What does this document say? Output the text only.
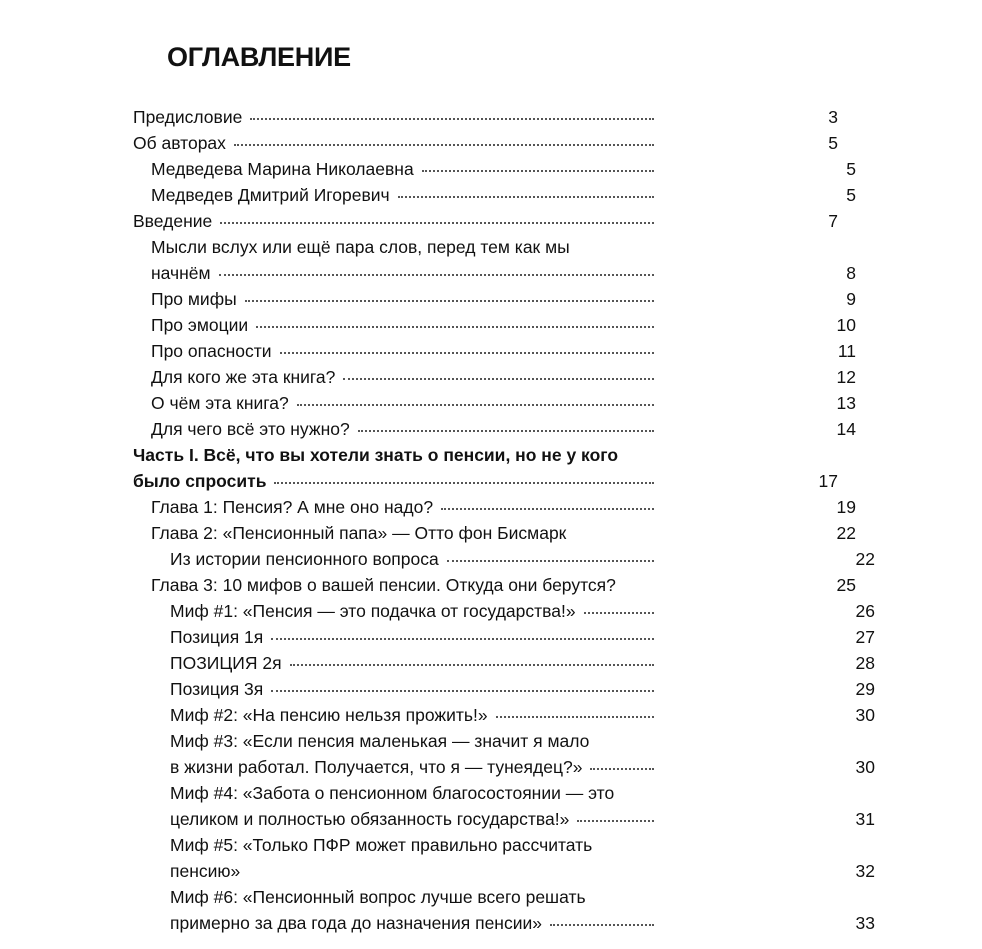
ОГЛАВЛЕНИЕ
Предисловие	3
Об авторах	5
Медведева Марина Николаевна	5
Медведев Дмитрий Игоревич	5
Введение	7
Мысли вслух или ещё пара слов, перед тем как мы
начнём	8
Про мифы	9
Про эмоции	10
Про опасности	11
Для кого же эта книга?	12
О чём эта книга?	13
Для чего всё это нужно?	14
Часть I. Всё, что вы хотели знать о пенсии, но не у кого
было спросить	17
Глава 1: Пенсия? А мне оно надо?	19
Глава 2: «Пенсионный папа» — Отто фон Бисмарк	22
Из истории пенсионного вопроса	22
Глава 3: 10 мифов о вашей пенсии. Откуда они берутся?	25
Миф #1: «Пенсия — это подачка от государства!»	26
Позиция 1я	27
ПОЗИЦИЯ 2я	28
Позиция 3я	29
Миф #2: «На пенсию нельзя прожить!»	30
Миф #3: «Если пенсия маленькая — значит я мало
в жизни работал. Получается, что я — тунеядец?»	30
Миф #4: «Забота о пенсионном благосостоянии — это
целиком и полностью обязанность государства!»	31
Миф #5: «Только ПФР может правильно рассчитать
пенсию»	32
Миф #6: «Пенсионный вопрос лучше всего решать
примерно за два года до назначения пенсии»	33
